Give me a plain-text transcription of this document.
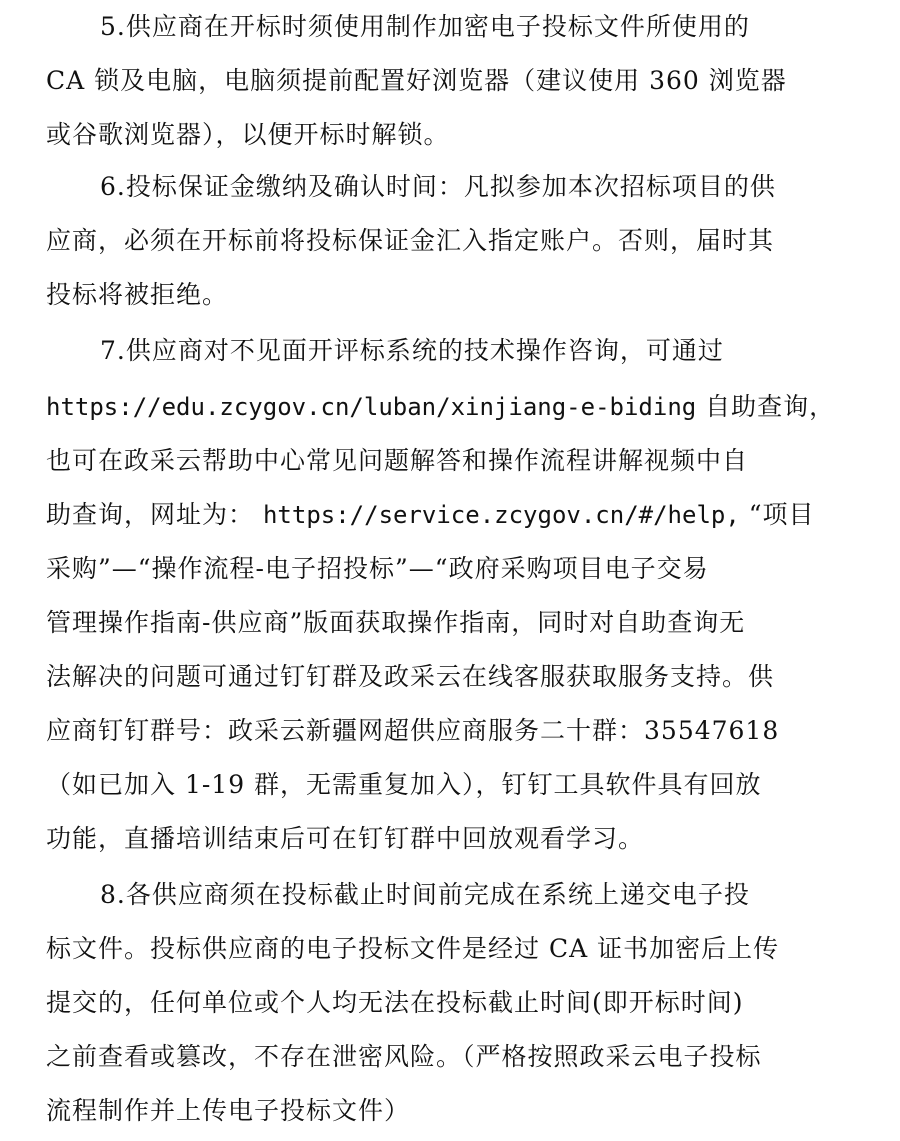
5.供应商在开标时须使用制作加密电子投标文件所使用的
CA 锁及电脑，电脑须提前配置好浏览器（建议使用 360 浏览器
或谷歌浏览器），以便开标时解锁。
6.投标保证金缴纳及确认时间：凡拟参加本次招标项目的供
应商，必须在开标前将投标保证金汇入指定账户。否则，届时其
投标将被拒绝。
7.供应商对不见面开评标系统的技术操作咨询，可通过
https://edu.zcygov.cn/luban/xinjiang-e-biding 自助查询，
也可在政采云帮助中心常见问题解答和操作流程讲解视频中自
助查询，网址为： https://service.zcygov.cn/#/help, “项目
采购”—“操作流程-电子招投标”—“政府采购项目电子交易
管理操作指南-供应商”版面获取操作指南，同时对自助查询无
法解决的问题可通过钉钉群及政采云在线客服获取服务支持。供
应商钉钉群号：政采云新疆网超供应商服务二十群：35547618
（如已加入 1-19 群，无需重复加入），钉钉工具软件具有回放
功能，直播培训结束后可在钉钉群中回放观看学习。
8.各供应商须在投标截止时间前完成在系统上递交电子投
标文件。投标供应商的电子投标文件是经过 CA 证书加密后上传
提交的，任何单位或个人均无法在投标截止时间(即开标时间)
之前查看或篡改，不存在泄密风险。（严格按照政采云电子投标
流程制作并上传电子投标文件）
